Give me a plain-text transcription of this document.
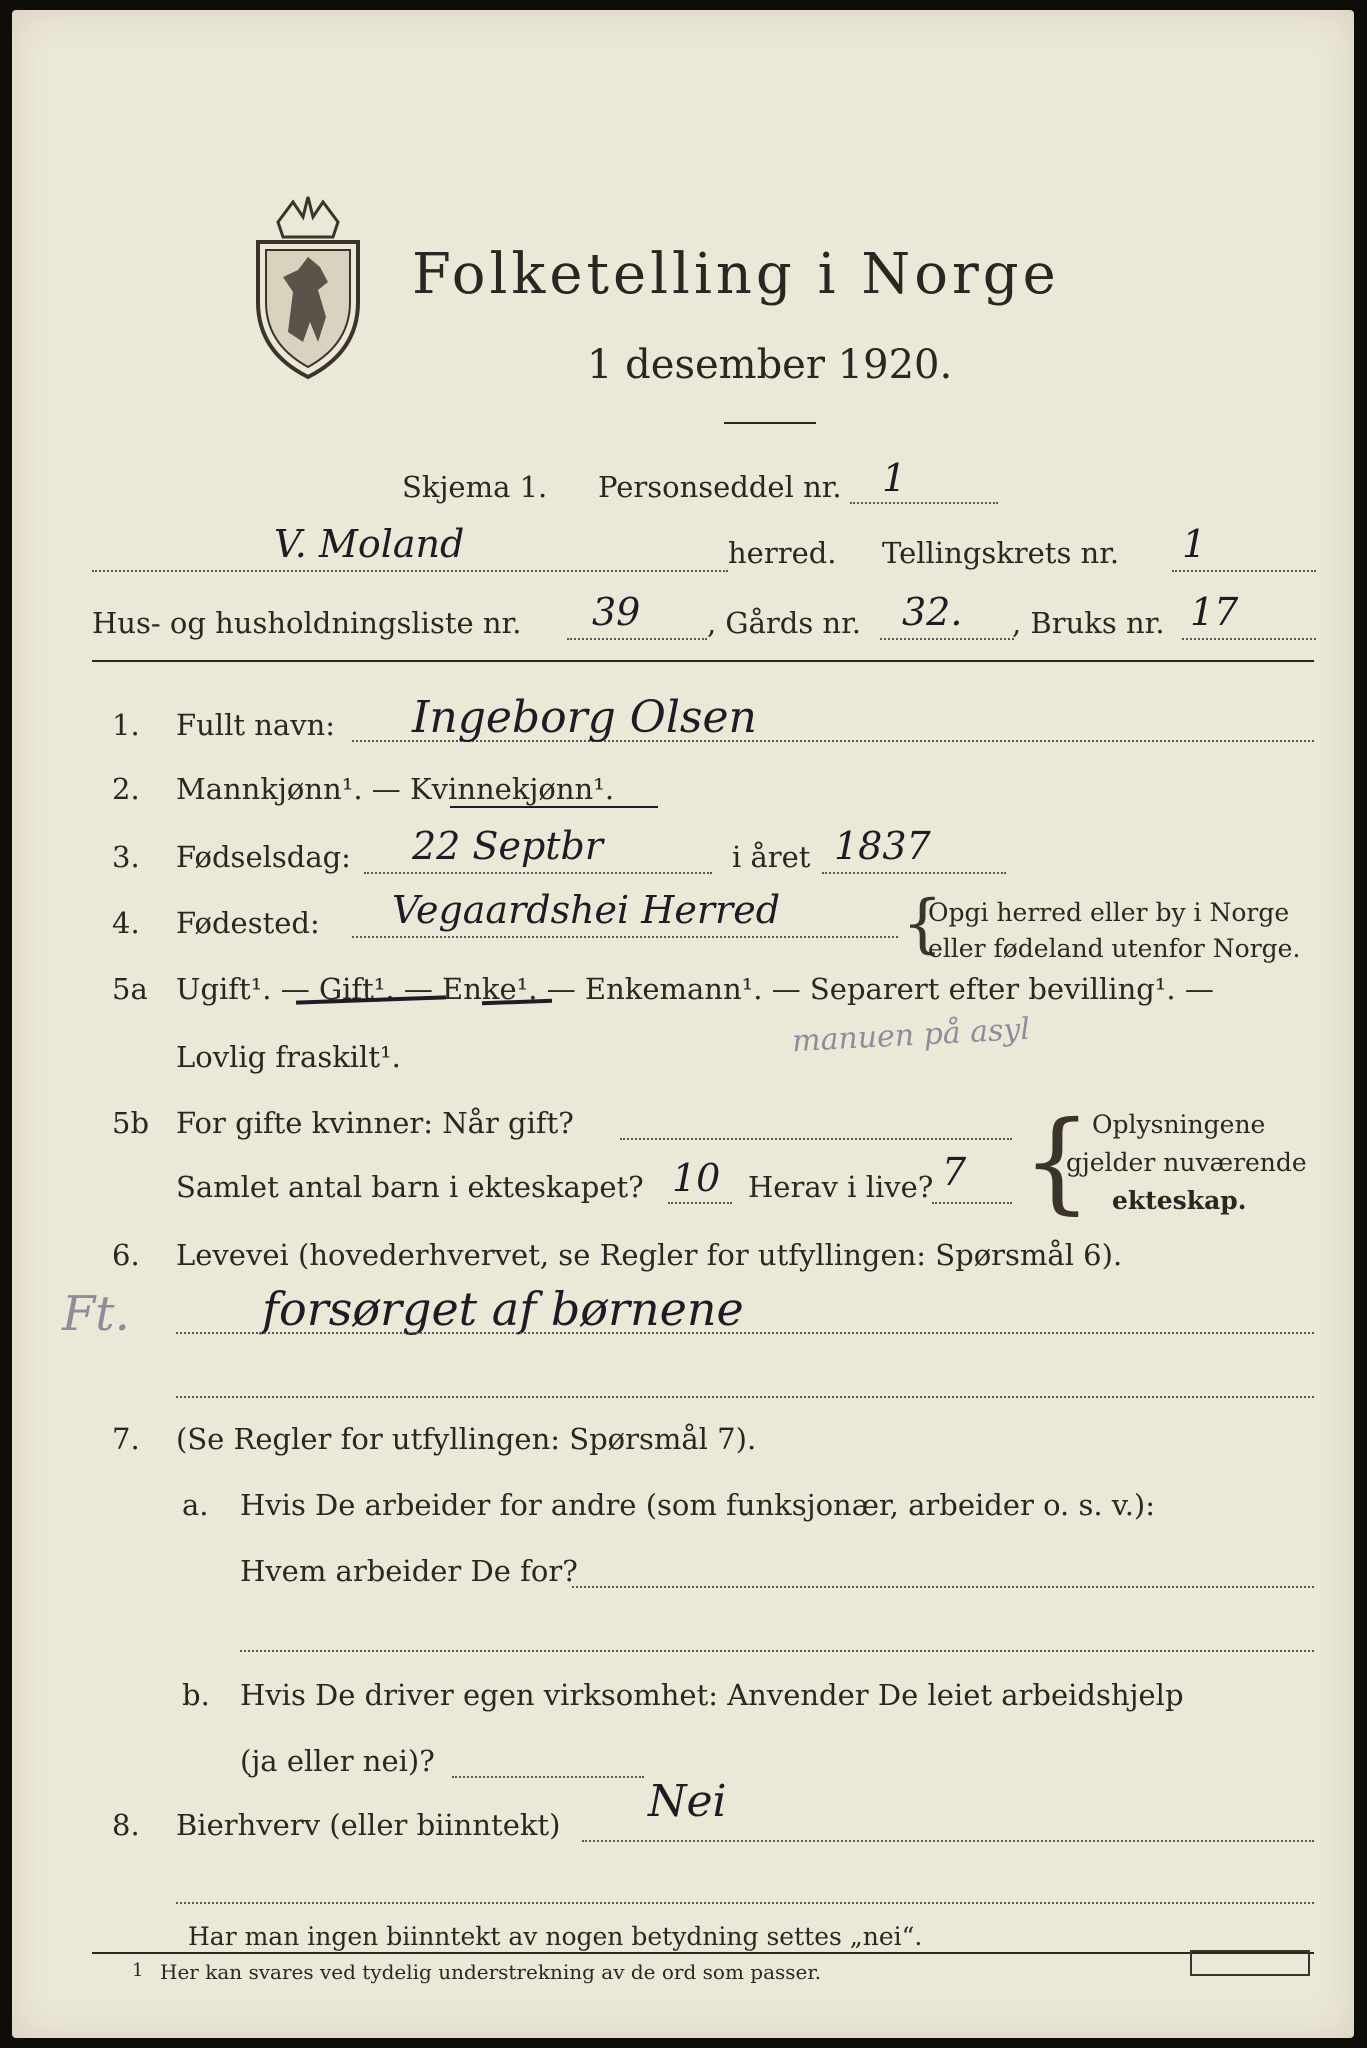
Folketelling i Norge
1 desember 1920.
Skjema 1. Personseddel nr. 1
V. Moland	herred. Tellingskrets nr. 1
Hus- og husholdningsliste nr. 39 , Gårds nr. 32. , Bruks nr. 17
1. Fullt navn: Ingeborg Olsen
2. Mannkjønn¹. — Kvinnekjønn¹.
3. Fødselsdag: 22 Septbr	i året 1837
4. Fødested: Vegaardshei Herred {
Opgi herred eller by i Norge
eller fødeland utenfor Norge.
5a Ugift¹. — Gift¹. — Enke¹. — Enkemann¹. — Separert efter bevilling¹. —
Lovlig fraskilt¹.	manuen på asyl
5b For gifte kvinner: Når gift?
Samlet antal barn i ekteskapet? 10 Herav i live? 7 { Oplysningene
gjelder nuværende
ekteskap.
6. Levevei (hovederhvervet, se Regler for utfyllingen: Spørsmål 6).
Ft.	forsørget af børnene
7. (Se Regler for utfyllingen: Spørsmål 7).
a. Hvis De arbeider for andre (som funksjonær, arbeider o. s. v.):
Hvem arbeider De for?
b. Hvis De driver egen virksomhet: Anvender De leiet arbeidshjelp
(ja eller nei)?
8. Bierhverv (eller biinntekt) Nei
Har man ingen biinntekt av nogen betydning settes „nei“.
1 Her kan svares ved tydelig understrekning av de ord som passer.
